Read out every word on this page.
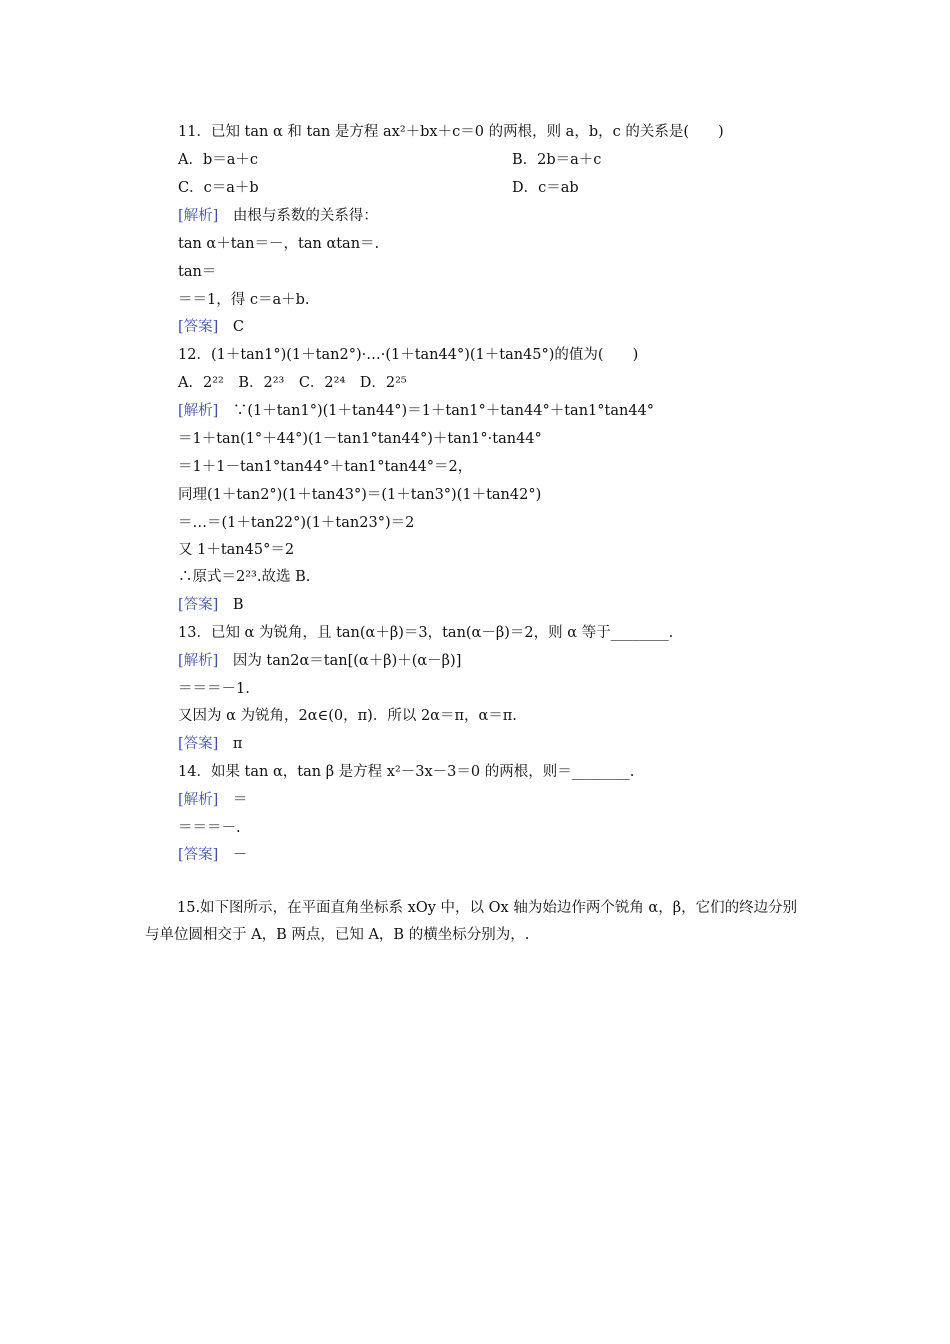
11．已知 tan α 和 tan 是方程 ax²＋bx＋c＝0 的两根，则 a，b，c 的关系是(　　)
A．b＝a＋c	B．2b＝a＋c
C．c＝a＋b	D．c＝ab
[解析]　由根与系数的关系得：
tan α＋tan＝－，tan αtan＝.
tan＝
＝＝1，得 c＝a＋b.
[答案]　C
12．(1＋tan1°)(1＋tan2°)·…·(1＋tan44°)(1＋tan45°)的值为(　　)
A．2²²　B．2²³　C．2²⁴　D．2²⁵
[解析]　∵(1＋tan1°)(1＋tan44°)＝1＋tan1°＋tan44°＋tan1°tan44°
＝1＋tan(1°＋44°)(1－tan1°tan44°)＋tan1°·tan44°
＝1＋1－tan1°tan44°＋tan1°tan44°＝2，
同理(1＋tan2°)(1＋tan43°)＝(1＋tan3°)(1＋tan42°)
＝…＝(1＋tan22°)(1＋tan23°)＝2
又 1＋tan45°＝2
∴原式＝2²³.故选 B.
[答案]　B
13．已知 α 为锐角，且 tan(α＋β)＝3，tan(α－β)＝2，则 α 等于________.
[解析]　因为 tan2α＝tan[(α＋β)＋(α－β)]
＝＝＝－1.
又因为 α 为锐角，2α∈(0，π)．所以 2α＝π，α＝π.
[答案]　π
14．如果 tan α，tan β 是方程 x²－3x－3＝0 的两根，则＝________.
[解析]　＝
＝＝＝－.
[答案]　－
15.如下图所示，在平面直角坐标系 xOy 中，以 Ox 轴为始边作两个锐角 α，β，它们的终边分别与单位圆相交于 A，B 两点，已知 A，B 的横坐标分别为，.
